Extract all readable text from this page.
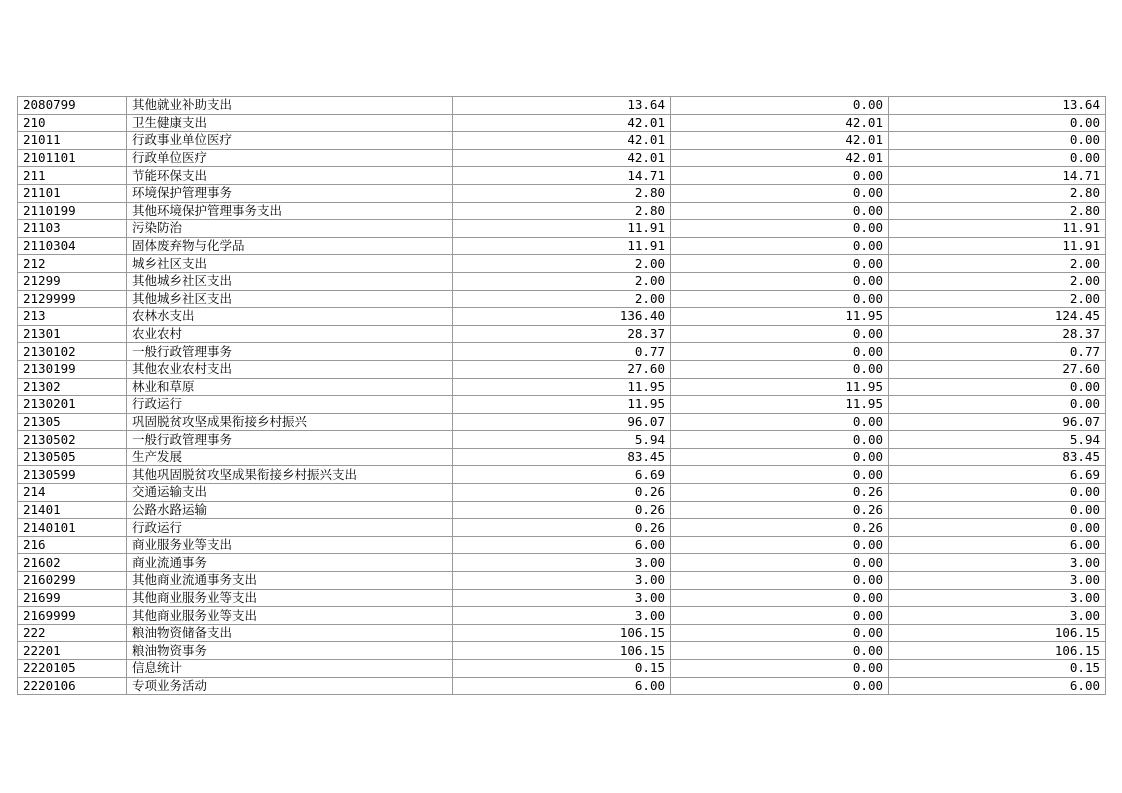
2080799	其他就业补助支出	13.64	0.00	13.64
210	卫生健康支出	42.01	42.01	0.00
21011	行政事业单位医疗	42.01	42.01	0.00
2101101	行政单位医疗	42.01	42.01	0.00
211	节能环保支出	14.71	0.00	14.71
21101	环境保护管理事务	2.80	0.00	2.80
2110199	其他环境保护管理事务支出	2.80	0.00	2.80
21103	污染防治	11.91	0.00	11.91
2110304	固体废弃物与化学品	11.91	0.00	11.91
212	城乡社区支出	2.00	0.00	2.00
21299	其他城乡社区支出	2.00	0.00	2.00
2129999	其他城乡社区支出	2.00	0.00	2.00
213	农林水支出	136.40	11.95	124.45
21301	农业农村	28.37	0.00	28.37
2130102	一般行政管理事务	0.77	0.00	0.77
2130199	其他农业农村支出	27.60	0.00	27.60
21302	林业和草原	11.95	11.95	0.00
2130201	行政运行	11.95	11.95	0.00
21305	巩固脱贫攻坚成果衔接乡村振兴	96.07	0.00	96.07
2130502	一般行政管理事务	5.94	0.00	5.94
2130505	生产发展	83.45	0.00	83.45
2130599	其他巩固脱贫攻坚成果衔接乡村振兴支出	6.69	0.00	6.69
214	交通运输支出	0.26	0.26	0.00
21401	公路水路运输	0.26	0.26	0.00
2140101	行政运行	0.26	0.26	0.00
216	商业服务业等支出	6.00	0.00	6.00
21602	商业流通事务	3.00	0.00	3.00
2160299	其他商业流通事务支出	3.00	0.00	3.00
21699	其他商业服务业等支出	3.00	0.00	3.00
2169999	其他商业服务业等支出	3.00	0.00	3.00
222	粮油物资储备支出	106.15	0.00	106.15
22201	粮油物资事务	106.15	0.00	106.15
2220105	信息统计	0.15	0.00	0.15
2220106	专项业务活动	6.00	0.00	6.00
